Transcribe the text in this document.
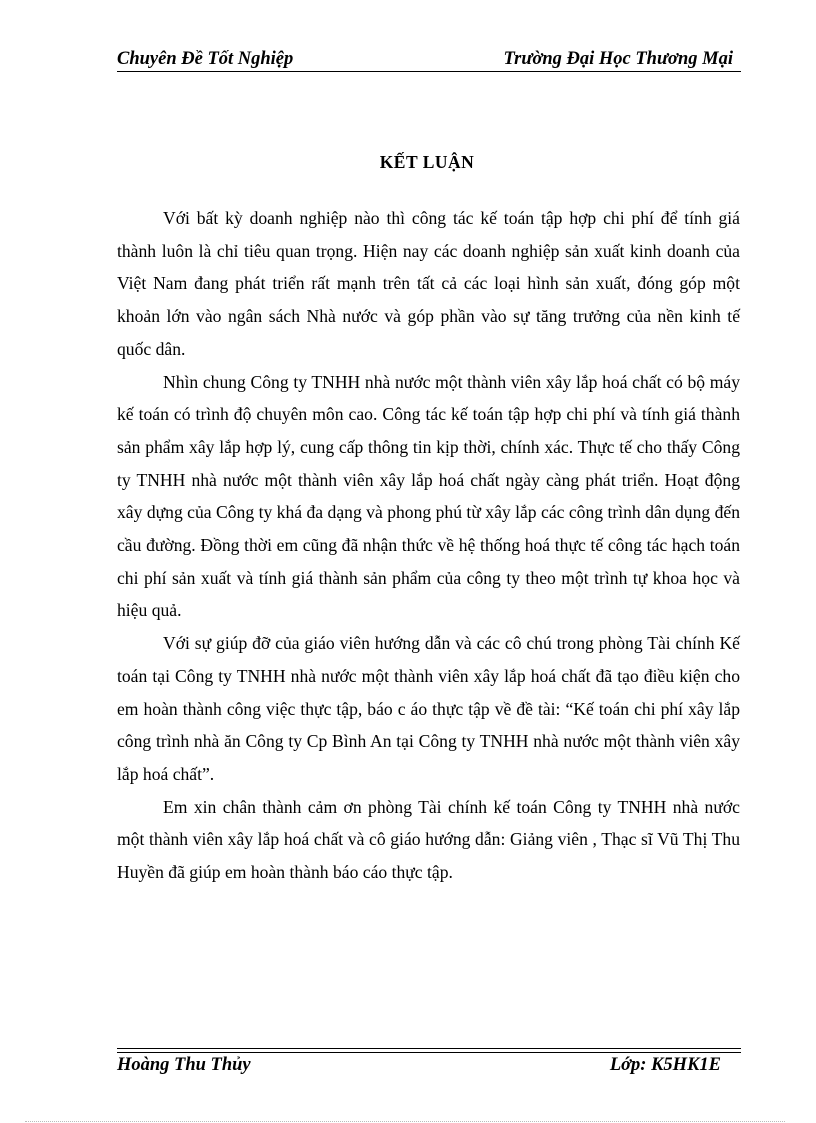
Chuyên Đề Tốt Nghiệp	Trường Đại Học Thương Mại
KẾT LUẬN

Với bất kỳ doanh nghiệp nào thì công tác kế toán tập hợp chi phí để tính giá thành luôn là chỉ tiêu quan trọng. Hiện nay các doanh nghiệp sản xuất kinh doanh của Việt Nam đang phát triển rất mạnh trên tất cả các loại hình sản xuất, đóng góp một khoản lớn vào ngân sách Nhà nước và góp phần vào sự tăng trưởng của nền kinh tế quốc dân.

Nhìn chung Công ty TNHH nhà nước một thành viên xây lắp hoá chất có bộ máy kế toán có trình độ chuyên môn cao. Công tác kế toán tập hợp chi phí và tính giá thành sản phẩm xây lắp hợp lý, cung cấp thông tin kịp thời, chính xác. Thực tế cho thấy Công ty TNHH nhà nước một thành viên xây lắp hoá chất ngày càng phát triển. Hoạt động xây dựng của Công ty khá đa dạng và phong phú từ xây lắp các công trình dân dụng đến cầu đường. Đồng thời em cũng đã nhận thức về hệ thống hoá thực tế công tác hạch toán chi phí sản xuất và tính giá thành sản phẩm của công ty theo một trình tự khoa học và hiệu quả.

Với sự giúp đỡ của giáo viên hướng dẫn và các cô chú trong phòng Tài chính Kế toán tại Công ty TNHH nhà nước một thành viên xây lắp hoá chất đã tạo điều kiện cho em hoàn thành công việc thực tập, báo c áo thực tập về đề tài: “Kế toán chi phí xây lắp công trình nhà ăn Công ty Cp Bình An tại Công ty TNHH nhà nước một thành viên xây lắp hoá chất”.

Em xin chân thành cảm ơn phòng Tài chính kế toán Công ty TNHH nhà nước một thành viên xây lắp hoá chất và cô giáo hướng dẫn: Giảng viên , Thạc sĩ Vũ Thị Thu Huyền đã giúp em hoàn thành báo cáo thực tập.

Hoàng Thu Thủy	Lớp: K5HK1E
